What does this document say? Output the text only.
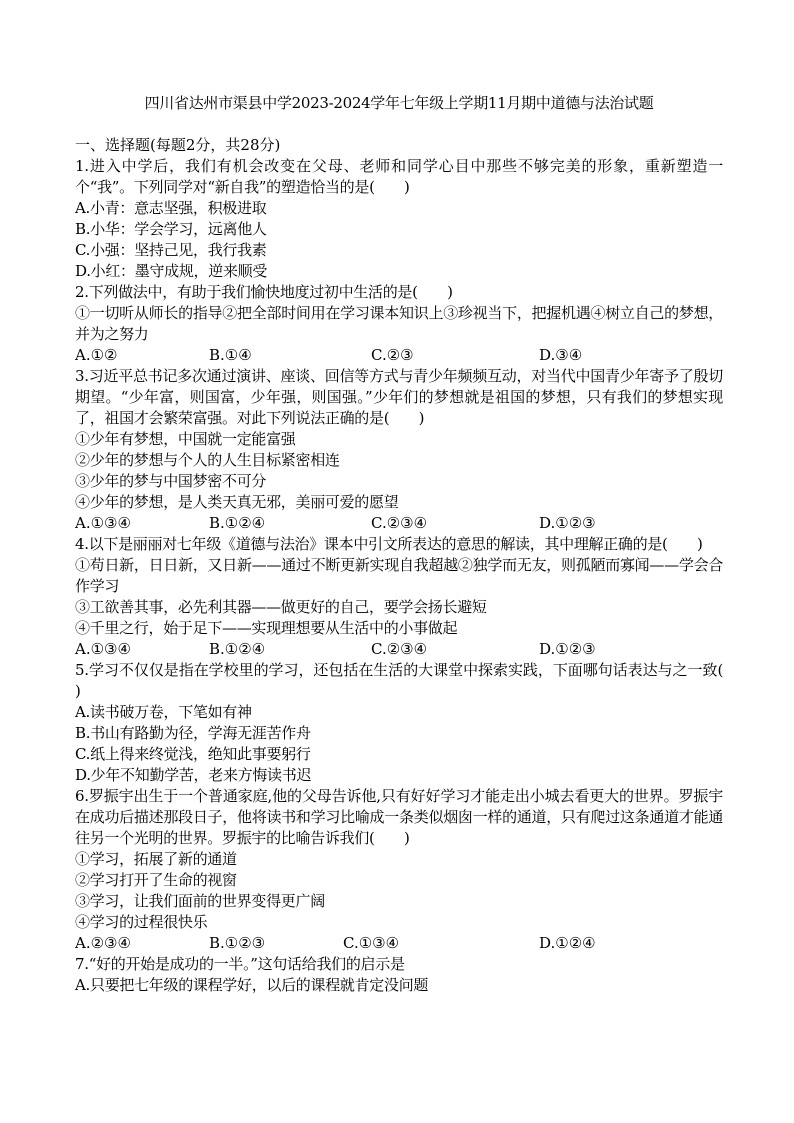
四川省达州市渠县中学2023-2024学年七年级上学期11月期中道德与法治试题
一、选择题(每题2分，共28分)
1.进入中学后，我们有机会改变在父母、老师和同学心目中那些不够完美的形象，重新塑造一个“我”。下列同学对“新自我”的塑造恰当的是(　　)
A.小青：意志坚强，积极进取
B.小华：学会学习，远离他人
C.小强：坚持己见，我行我素
D.小红：墨守成规，逆来顺受
2.下列做法中，有助于我们愉快地度过初中生活的是(　　)
①一切听从师长的指导②把全部时间用在学习课本知识上③珍视当下，把握机遇④树立自己的梦想，并为之努力
A.①②	B.①④	C.②③	D.③④
3.习近平总书记多次通过演讲、座谈、回信等方式与青少年频频互动，对当代中国青少年寄予了殷切期望。“少年富，则国富，少年强，则国强。”少年们的梦想就是祖国的梦想，只有我们的梦想实现了，祖国才会繁荣富强。对此下列说法正确的是(　　)
①少年有梦想，中国就一定能富强
②少年的梦想与个人的人生目标紧密相连
③少年的梦与中国梦密不可分
④少年的梦想，是人类天真无邪，美丽可爱的愿望
A.①③④	B.①②④	C.②③④	D.①②③
4.以下是丽丽对七年级《道德与法治》课本中引文所表达的意思的解读，其中理解正确的是(　　)
①苟日新，日日新，又日新——通过不断更新实现自我超越②独学而无友，则孤陋而寡闻——学会合作学习
③工欲善其事，必先利其器——做更好的自己，要学会扬长避短
④千里之行，始于足下——实现理想要从生活中的小事做起
A.①③④	B.①②④	C.②③④	D.①②③
5.学习不仅仅是指在学校里的学习，还包括在生活的大课堂中探索实践，下面哪句话表达与之一致(　　)
A.读书破万卷，下笔如有神
B.书山有路勤为径，学海无涯苦作舟
C.纸上得来终觉浅，绝知此事要躬行
D.少年不知勤学苦，老来方悔读书迟
6.罗振宇出生于一个普通家庭,他的父母告诉他,只有好好学习才能走出小城去看更大的世界。罗振宇在成功后描述那段日子，他将读书和学习比喻成一条类似烟囱一样的通道，只有爬过这条通道才能通往另一个光明的世界。罗振宇的比喻告诉我们(　　)
①学习，拓展了新的通道
②学习打开了生命的视窗
③学习，让我们面前的世界变得更广阔
④学习的过程很快乐
A.②③④	B.①②③	C.①③④	D.①②④
7.“好的开始是成功的一半。”这句话给我们的启示是
A.只要把七年级的课程学好，以后的课程就肯定没问题
